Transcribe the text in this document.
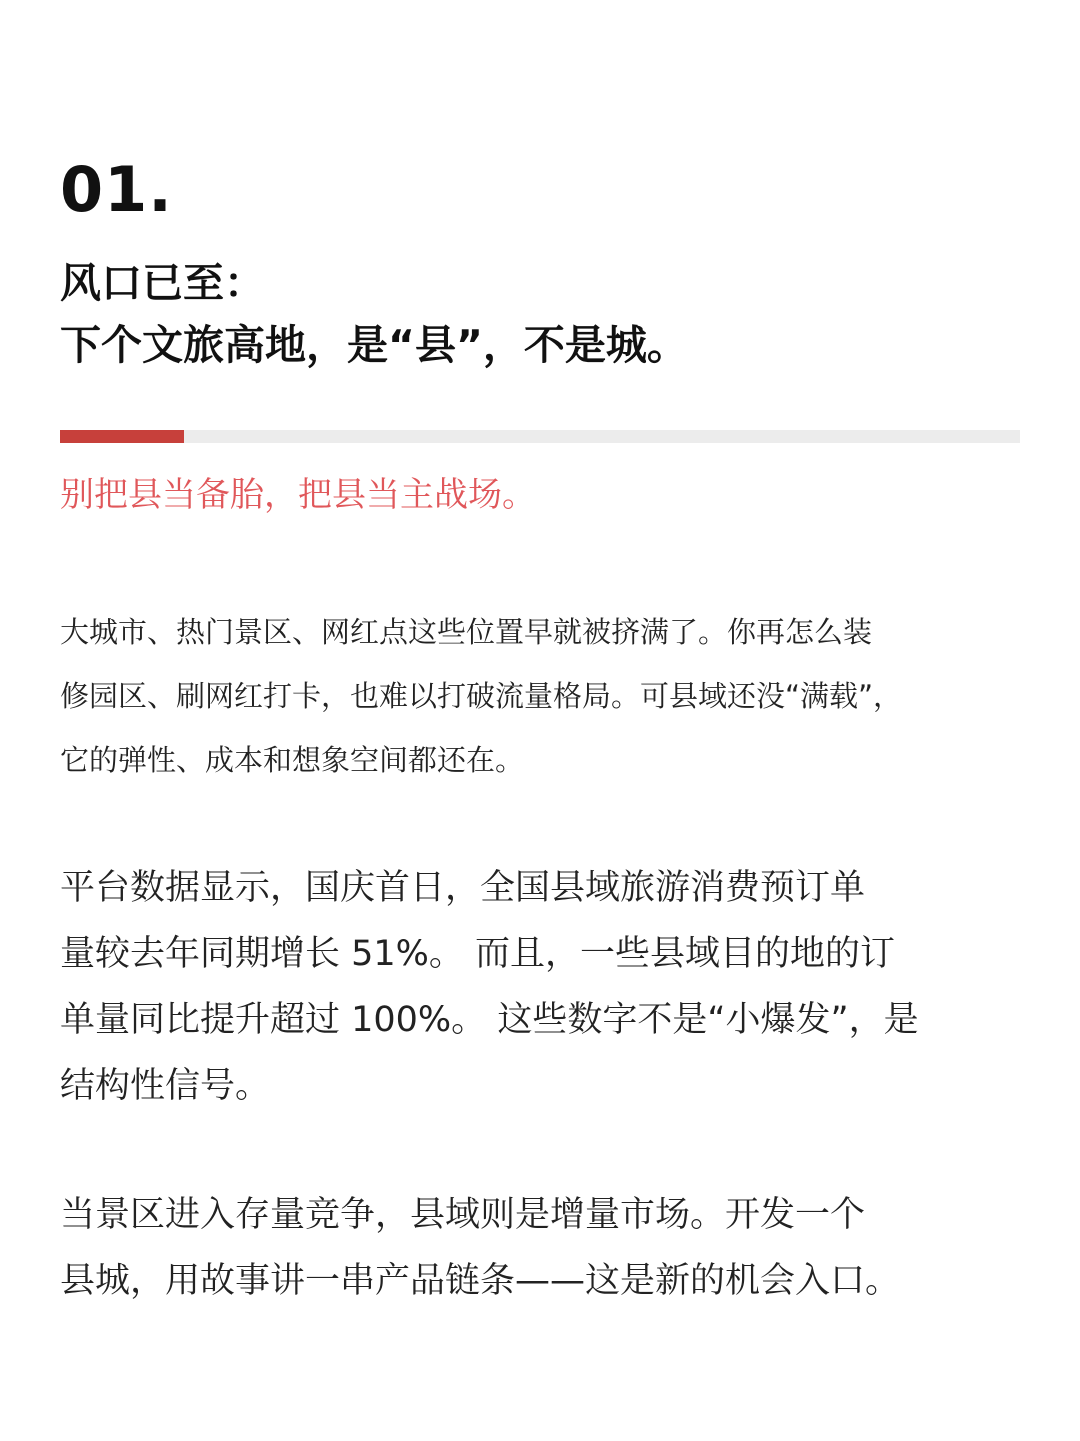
01.
风口已至：
下个文旅高地，是“县”，不是城。
别把县当备胎，把县当主战场。
大城市、热门景区、网红点这些位置早就被挤满了。你再怎么装
修园区、刷网红打卡，也难以打破流量格局。可县域还没“满载”，
它的弹性、成本和想象空间都还在。
平台数据显示，国庆首日，全国县域旅游消费预订单
量较去年同期增长 51%。 而且，一些县域目的地的订
单量同比提升超过 100%。 这些数字不是“小爆发”，是
结构性信号。
当景区进入存量竞争，县域则是增量市场。开发一个
县城，用故事讲一串产品链条——这是新的机会入口。
